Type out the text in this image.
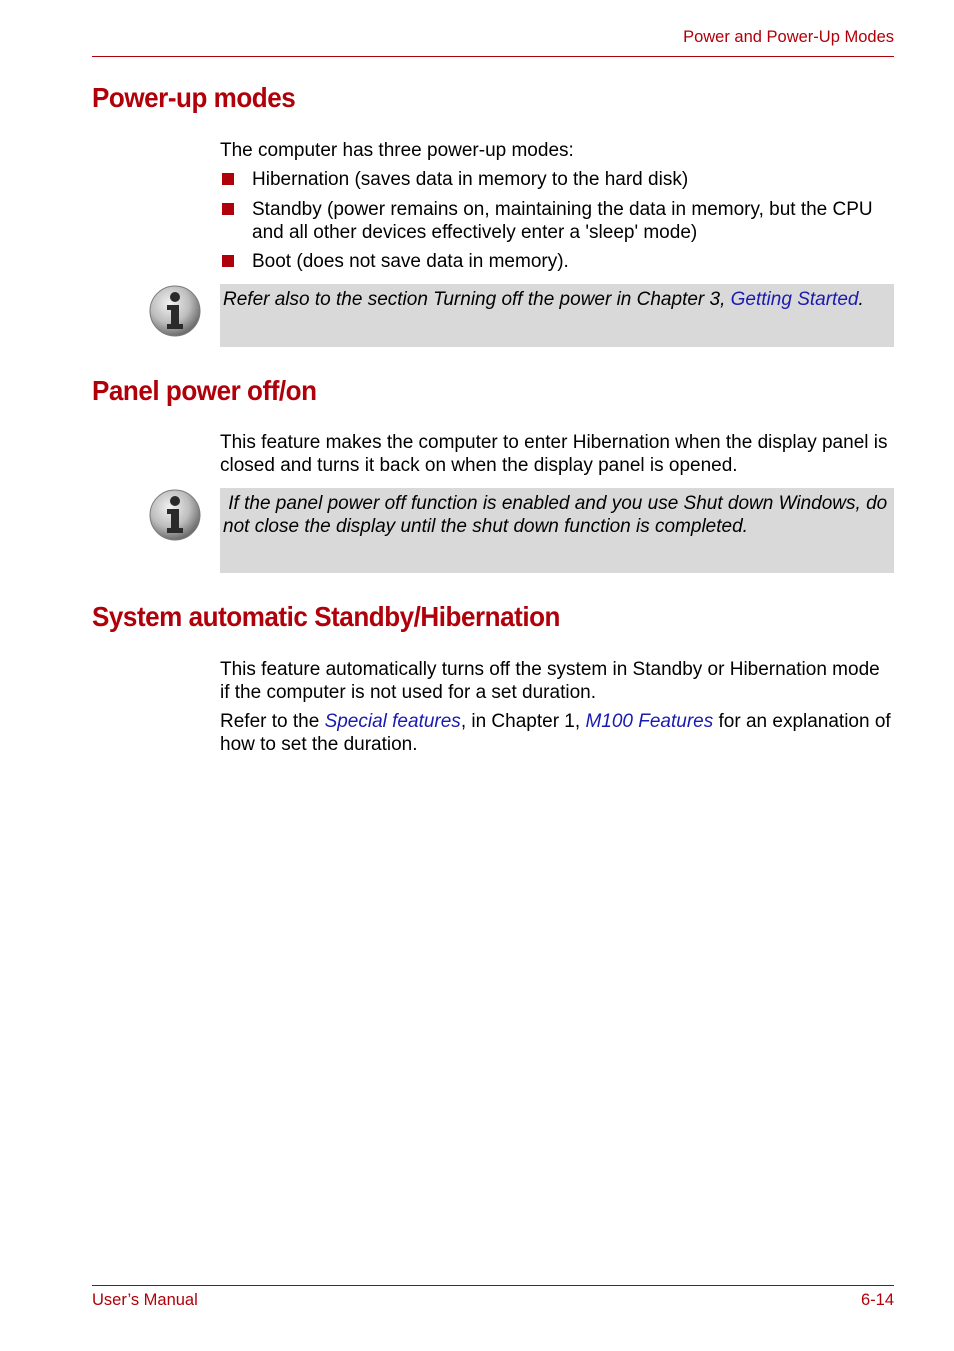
Power and Power-Up Modes
Power-up modes

The computer has three power-up modes:

Hibernation (saves data in memory to the hard disk)
Standby (power remains on, maintaining the data in memory, but the CPU and all other devices effectively enter a 'sleep' mode)
Boot (does not save data in memory).

Refer also to the section Turning off the power in Chapter 3, Getting Started.

Panel power off/on

This feature makes the computer to enter Hibernation when the display panel is closed and turns it back on when the display panel is opened.

If the panel power off function is enabled and you use Shut down Windows, do not close the display until the shut down function is completed.

System automatic Standby/Hibernation

This feature automatically turns off the system in Standby or Hibernation mode if the computer is not used for a set duration.

Refer to the Special features, in Chapter 1, M100 Features for an explanation of how to set the duration.

User’s Manual	6-14
